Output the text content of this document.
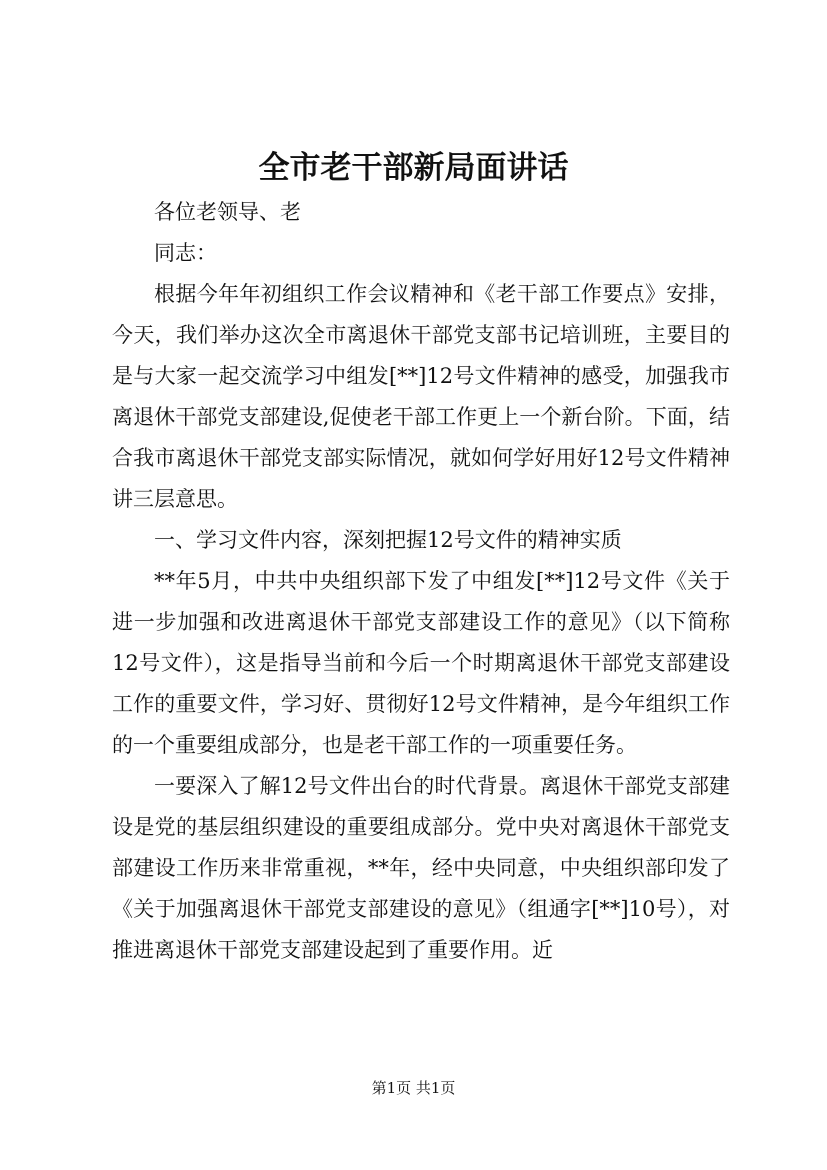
全市老干部新局面讲话

各位老领导、老

同志：

根据今年年初组织工作会议精神和《老干部工作要点》安排，今天，我们举办这次全市离退休干部党支部书记培训班，主要目的是与大家一起交流学习中组发[**]12号文件精神的感受，加强我市离退休干部党支部建设,促使老干部工作更上一个新台阶。下面，结合我市离退休干部党支部实际情况，就如何学好用好12号文件精神讲三层意思。

一、学习文件内容，深刻把握12号文件的精神实质

**年5月，中共中央组织部下发了中组发[**]12号文件《关于进一步加强和改进离退休干部党支部建设工作的意见》（以下简称12号文件），这是指导当前和今后一个时期离退休干部党支部建设工作的重要文件，学习好、贯彻好12号文件精神，是今年组织工作的一个重要组成部分，也是老干部工作的一项重要任务。

一要深入了解12号文件出台的时代背景。离退休干部党支部建设是党的基层组织建设的重要组成部分。党中央对离退休干部党支部建设工作历来非常重视，**年，经中央同意，中央组织部印发了《关于加强离退休干部党支部建设的意见》（组通字[**]10号），对推进离退休干部党支部建设起到了重要作用。近

第1页 共1页
